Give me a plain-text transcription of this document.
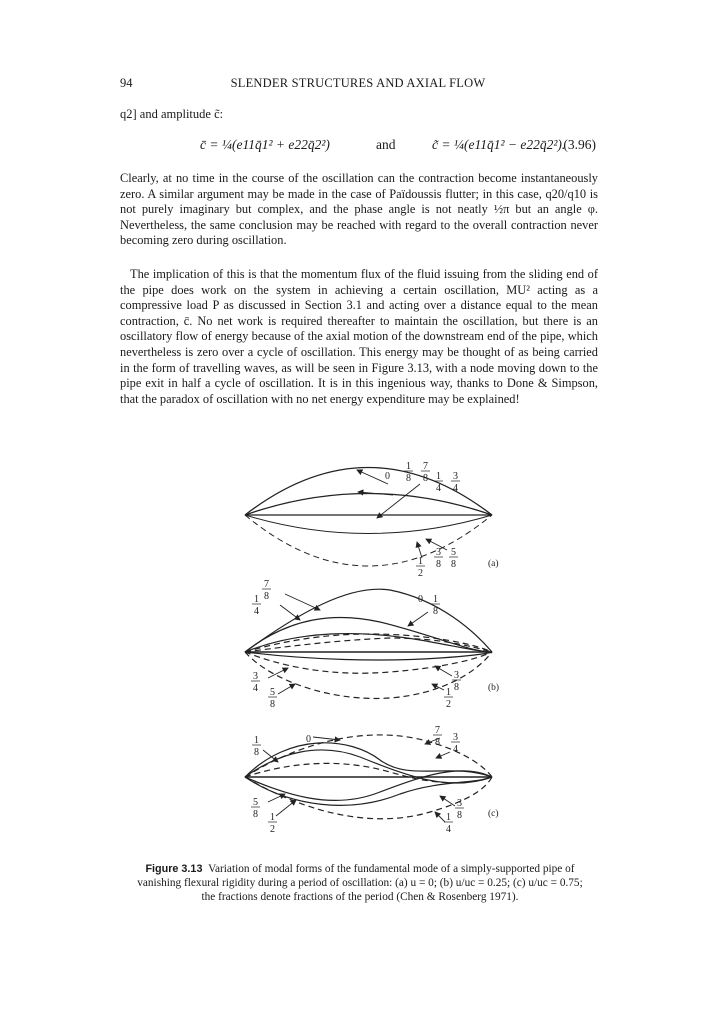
94	SLENDER STRUCTURES AND AXIAL FLOW
q2] and amplitude c̃:
c̄ = ¼(e11q̄1² + e22q̄2²)	and	c̃ = ¼(e11q̄1² − e22q̄2²).
(3.96)

Clearly, at no time in the course of the oscillation can the contraction become instantaneously zero. A similar argument may be made in the case of Païdoussis flutter; in this case, q20/q10 is not purely imaginary but complex, and the phase angle is not neatly ½π but an angle φ. Nevertheless, the same conclusion may be reached with regard to the overall contraction never becoming zero during oscillation.

The implication of this is that the momentum flux of the fluid issuing from the sliding end of the pipe does work on the system in achieving a certain oscillation, MU² acting as a compressive load P as discussed in Section 3.1 and acting over a distance equal to the mean contraction, c̄. No net work is required thereafter to maintain the oscillation, but there is an oscillatory flow of energy because of the axial motion of the downstream end of the pipe, which nevertheless is zero over a cycle of oscillation. This energy may be thought of as being carried in the form of travelling waves, as will be seen in Figure 3.13, with a node moving down to the pipe exit in half a cycle of oscillation. It is in this ingenious way, thanks to Done & Simpson, that the paradox of oscillation with no net energy expenditure may be explained!

0
1
8
7
8 1
4
3
4
1
2
3
8
5
8	(a)
1
4
7
8	0 1
8
3
4 5
8
3
8
1
2
(b)
1
8
0
7
8 3
4
5
8 1
2
3
8
1
4
(c)

Figure 3.13 Variation of modal forms of the fundamental mode of a simply-supported pipe of vanishing flexural rigidity during a period of oscillation: (a) u = 0; (b) u/uc = 0.25; (c) u/uc = 0.75; the fractions denote fractions of the period (Chen & Rosenberg 1971).
